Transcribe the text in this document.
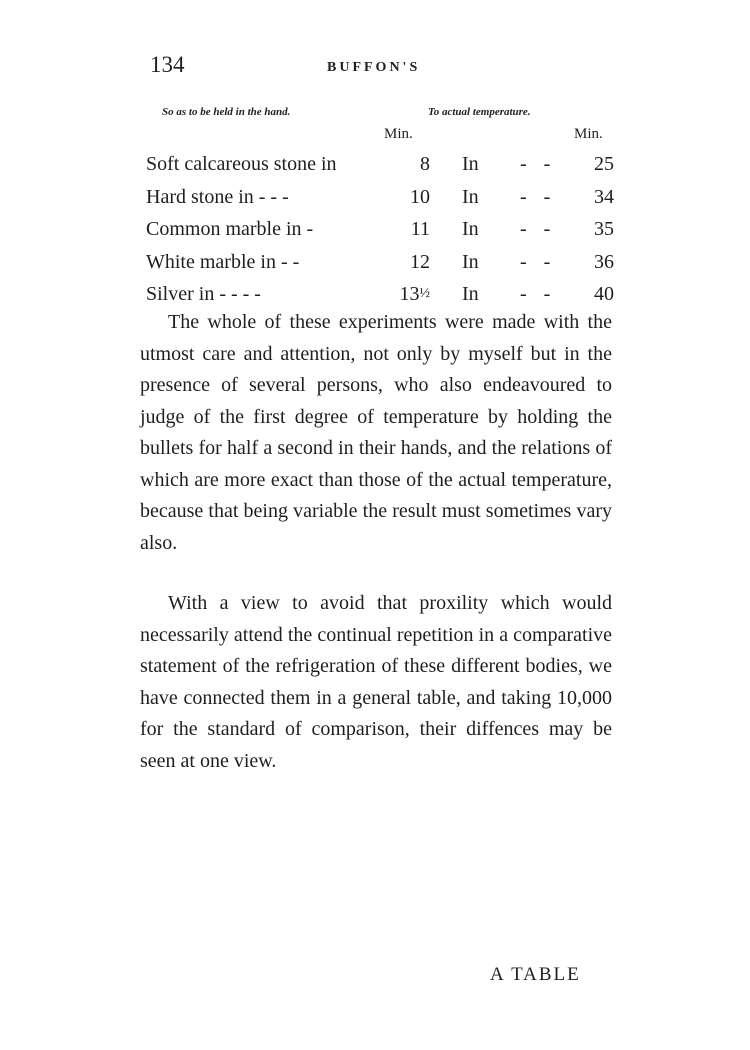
134	BUFFON'S
So as to be held in the hand.	To actual temperature.
Min.	Min.
Soft calcareous stone in	8 In - - 25
Hard stone in - - -	10 In - - 34
Common marble in -	11 In - - 35
White marble in - -	12 In - - 36
Silver in - - - -	13½ In - - 40

The whole of these experiments were made with the utmost care and attention, not only by myself but in the presence of several persons, who also endeavoured to judge of the first degree of temperature by holding the bullets for half a second in their hands, and the relations of which are more exact than those of the actual temperature, because that being variable the result must sometimes vary also.

With a view to avoid that proxility which would necessarily attend the continual repetition in a comparative statement of the refrigeration of these different bodies, we have connected them in a general table, and taking 10,000 for the standard of comparison, their diffences may be seen at one view.

A TABLE
